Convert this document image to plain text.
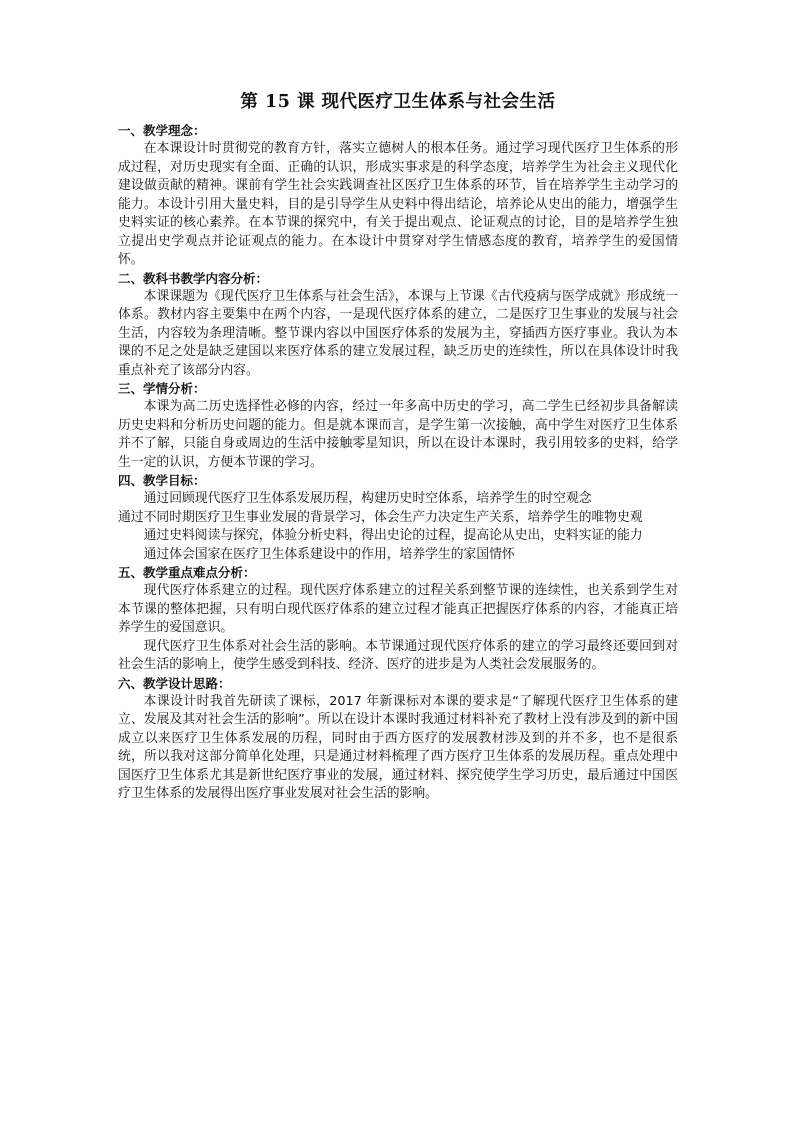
第 15 课 现代医疗卫生体系与社会生活
一、教学理念：

在本课设计时贯彻党的教育方针，落实立德树人的根本任务。通过学习现代医疗卫生体系的形成过程，对历史现实有全面、正确的认识，形成实事求是的科学态度，培养学生为社会主义现代化建设做贡献的精神。课前有学生社会实践调查社区医疗卫生体系的环节，旨在培养学生主动学习的能力。本设计引用大量史料，目的是引导学生从史料中得出结论，培养论从史出的能力，增强学生史料实证的核心素养。在本节课的探究中，有关于提出观点、论证观点的讨论，目的是培养学生独立提出史学观点并论证观点的能力。在本设计中贯穿对学生情感态度的教育，培养学生的爱国情怀。

二、教科书教学内容分析：

本课课题为《现代医疗卫生体系与社会生活》，本课与上节课《古代疫病与医学成就》形成统一体系。教材内容主要集中在两个内容，一是现代医疗体系的建立，二是医疗卫生事业的发展与社会生活，内容较为条理清晰。整节课内容以中国医疗体系的发展为主，穿插西方医疗事业。我认为本课的不足之处是缺乏建国以来医疗体系的建立发展过程，缺乏历史的连续性，所以在具体设计时我重点补充了该部分内容。

三、学情分析：

本课为高二历史选择性必修的内容，经过一年多高中历史的学习，高二学生已经初步具备解读历史史料和分析历史问题的能力。但是就本课而言，是学生第一次接触，高中学生对医疗卫生体系并不了解，只能自身或周边的生活中接触零星知识，所以在设计本课时，我引用较多的史料，给学生一定的认识，方便本节课的学习。

四、教学目标：

通过回顾现代医疗卫生体系发展历程，构建历史时空体系，培养学生的时空观念

通过不同时期医疗卫生事业发展的背景学习，体会生产力决定生产关系，培养学生的唯物史观

通过史料阅读与探究，体验分析史料，得出史论的过程，提高论从史出，史料实证的能力

通过体会国家在医疗卫生体系建设中的作用，培养学生的家国情怀

五、教学重点难点分析：

现代医疗体系建立的过程。现代医疗体系建立的过程关系到整节课的连续性，也关系到学生对本节课的整体把握，只有明白现代医疗体系的建立过程才能真正把握医疗体系的内容，才能真正培养学生的爱国意识。

现代医疗卫生体系对社会生活的影响。本节课通过现代医疗体系的建立的学习最终还要回到对社会生活的影响上，使学生感受到科技、经济、医疗的进步是为人类社会发展服务的。

六、教学设计思路：

本课设计时我首先研读了课标，2017 年新课标对本课的要求是“了解现代医疗卫生体系的建立、发展及其对社会生活的影响”。所以在设计本课时我通过材料补充了教材上没有涉及到的新中国成立以来医疗卫生体系发展的历程，同时由于西方医疗的发展教材涉及到的并不多，也不是很系统，所以我对这部分简单化处理，只是通过材料梳理了西方医疗卫生体系的发展历程。重点处理中国医疗卫生体系尤其是新世纪医疗事业的发展，通过材料、探究使学生学习历史，最后通过中国医疗卫生体系的发展得出医疗事业发展对社会生活的影响。
